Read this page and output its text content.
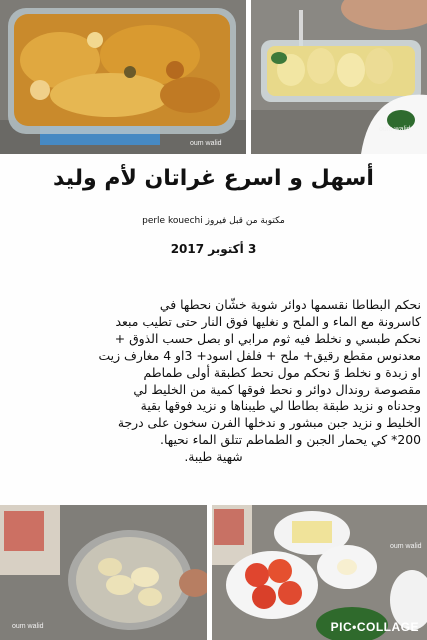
oum walid
oum walid
أسهل و اسرع غراتان لأم وليد
مكتوبة من قبل فيروز perle kouechi
3 أكتوبر 2017
نحكم البطاطا نقسمها دوائر شوية خشّان نحطها في
كاسرونة مع الماء و الملح و نغليها فوق النار حتى تطيب مبعد
نحكم طبسي و نخلط فيه ثوم مرابي او بصل حسب الذوق +
معدنوس مقطع رقيق+ ملح + فلفل اسود+ 3او 4 مغارف زيت
او زبدة و نخلط وً نحكم مول نحط كطبقة أولى طماطم
مقصوصة روندال دوائر و نحط فوقها كمية من الخليط لي
وجدناه و نزيد طبقة بطاطا لي طيبناها و نزيد فوقها بقية
الخليط و نزيد جبن مبشور و ندخلها الفرن سخون على درجة
200* كي يحمار الجبن و الطماطم تتلق الماء نحيها.
شهية طيبة.
oum walid
oum walid
PIC•COLLAGE
